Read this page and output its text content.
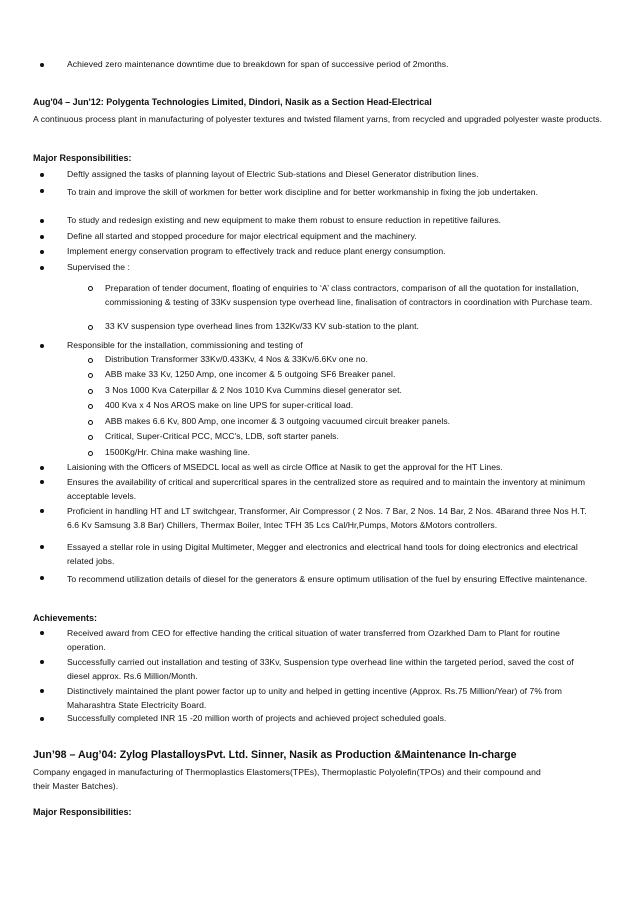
Achieved zero maintenance downtime due to breakdown for span of successive period of 2months.
Aug'04 – Jun'12: Polygenta Technologies Limited, Dindori, Nasik as a Section Head-Electrical
A continuous process plant in manufacturing of polyester textures and twisted filament yarns, from recycled and upgraded polyester waste products.
Major Responsibilities:
Deftly assigned the tasks of planning layout of Electric Sub-stations and Diesel Generator distribution lines.
To train and improve the skill of workmen for better work discipline and for better workmanship in fixing the job undertaken.
To study and redesign existing and new equipment to make them robust to ensure reduction in repetitive failures.
Define all started and stopped procedure for major electrical equipment and the machinery.
Implement energy conservation program to effectively track and reduce plant energy consumption.
Supervised the :
Preparation of tender document, floating of enquiries to ‘A’ class contractors, comparison of all the quotation for installation, commissioning & testing of 33Kv suspension type overhead line, finalisation of contractors in coordination with Purchase team.
33 KV suspension type overhead lines from 132Kv/33 KV sub-station to the plant.
Responsible for the installation, commissioning and testing of
Distribution Transformer 33Kv/0.433Kv, 4 Nos & 33Kv/6.6Kv one no.
ABB make 33 Kv, 1250 Amp, one incomer & 5 outgoing SF6 Breaker panel.
3 Nos 1000 Kva Caterpillar & 2 Nos 1010 Kva Cummins diesel generator set.
400 Kva x 4 Nos AROS make on line UPS for super-critical load.
ABB makes 6.6 Kv, 800 Amp, one incomer & 3 outgoing vacuumed circuit breaker panels.
Critical, Super-Critical PCC, MCC's, LDB, soft starter panels.
1500Kg/Hr. China make washing line.
Laisioning with the Officers of MSEDCL local as well as circle Office at Nasik to get the approval for the HT Lines.
Ensures the availability of critical and supercritical spares in the centralized store as required and to maintain the inventory at minimum acceptable levels.
Proficient in handling HT and LT switchgear, Transformer, Air Compressor ( 2 Nos. 7 Bar, 2 Nos. 14 Bar, 2 Nos. 4Barand three Nos H.T. 6.6 Kv Samsung 3.8 Bar) Chillers, Thermax Boiler, Intec TFH 35 Lcs Cal/Hr,Pumps, Motors &Motors controllers.
Essayed a stellar role in using Digital Multimeter, Megger and electronics and electrical hand tools for doing electronics and electrical related jobs.
To recommend utilization details of diesel for the generators & ensure optimum utilisation of the fuel by ensuring Effective maintenance.
Achievements:
Received award from CEO for effective handing the critical situation of water transferred from Ozarkhed Dam to Plant for routine operation.
Successfully carried out installation and testing of 33Kv, Suspension type overhead line within the targeted period, saved the cost of diesel approx. Rs.6 Million/Month.
Distinctively maintained the plant power factor up to unity and helped in getting incentive (Approx. Rs.75 Million/Year) of 7% from Maharashtra State Electricity Board.
Successfully completed INR 15 -20 million worth of projects and achieved project scheduled goals.
Jun’98 – Aug’04: Zylog PlastalloysPvt. Ltd. Sinner, Nasik as Production &Maintenance In-charge
Company engaged in manufacturing of Thermoplastics Elastomers(TPEs), Thermoplastic Polyolefin(TPOs) and their compound and their Master Batches).
Major Responsibilities:
